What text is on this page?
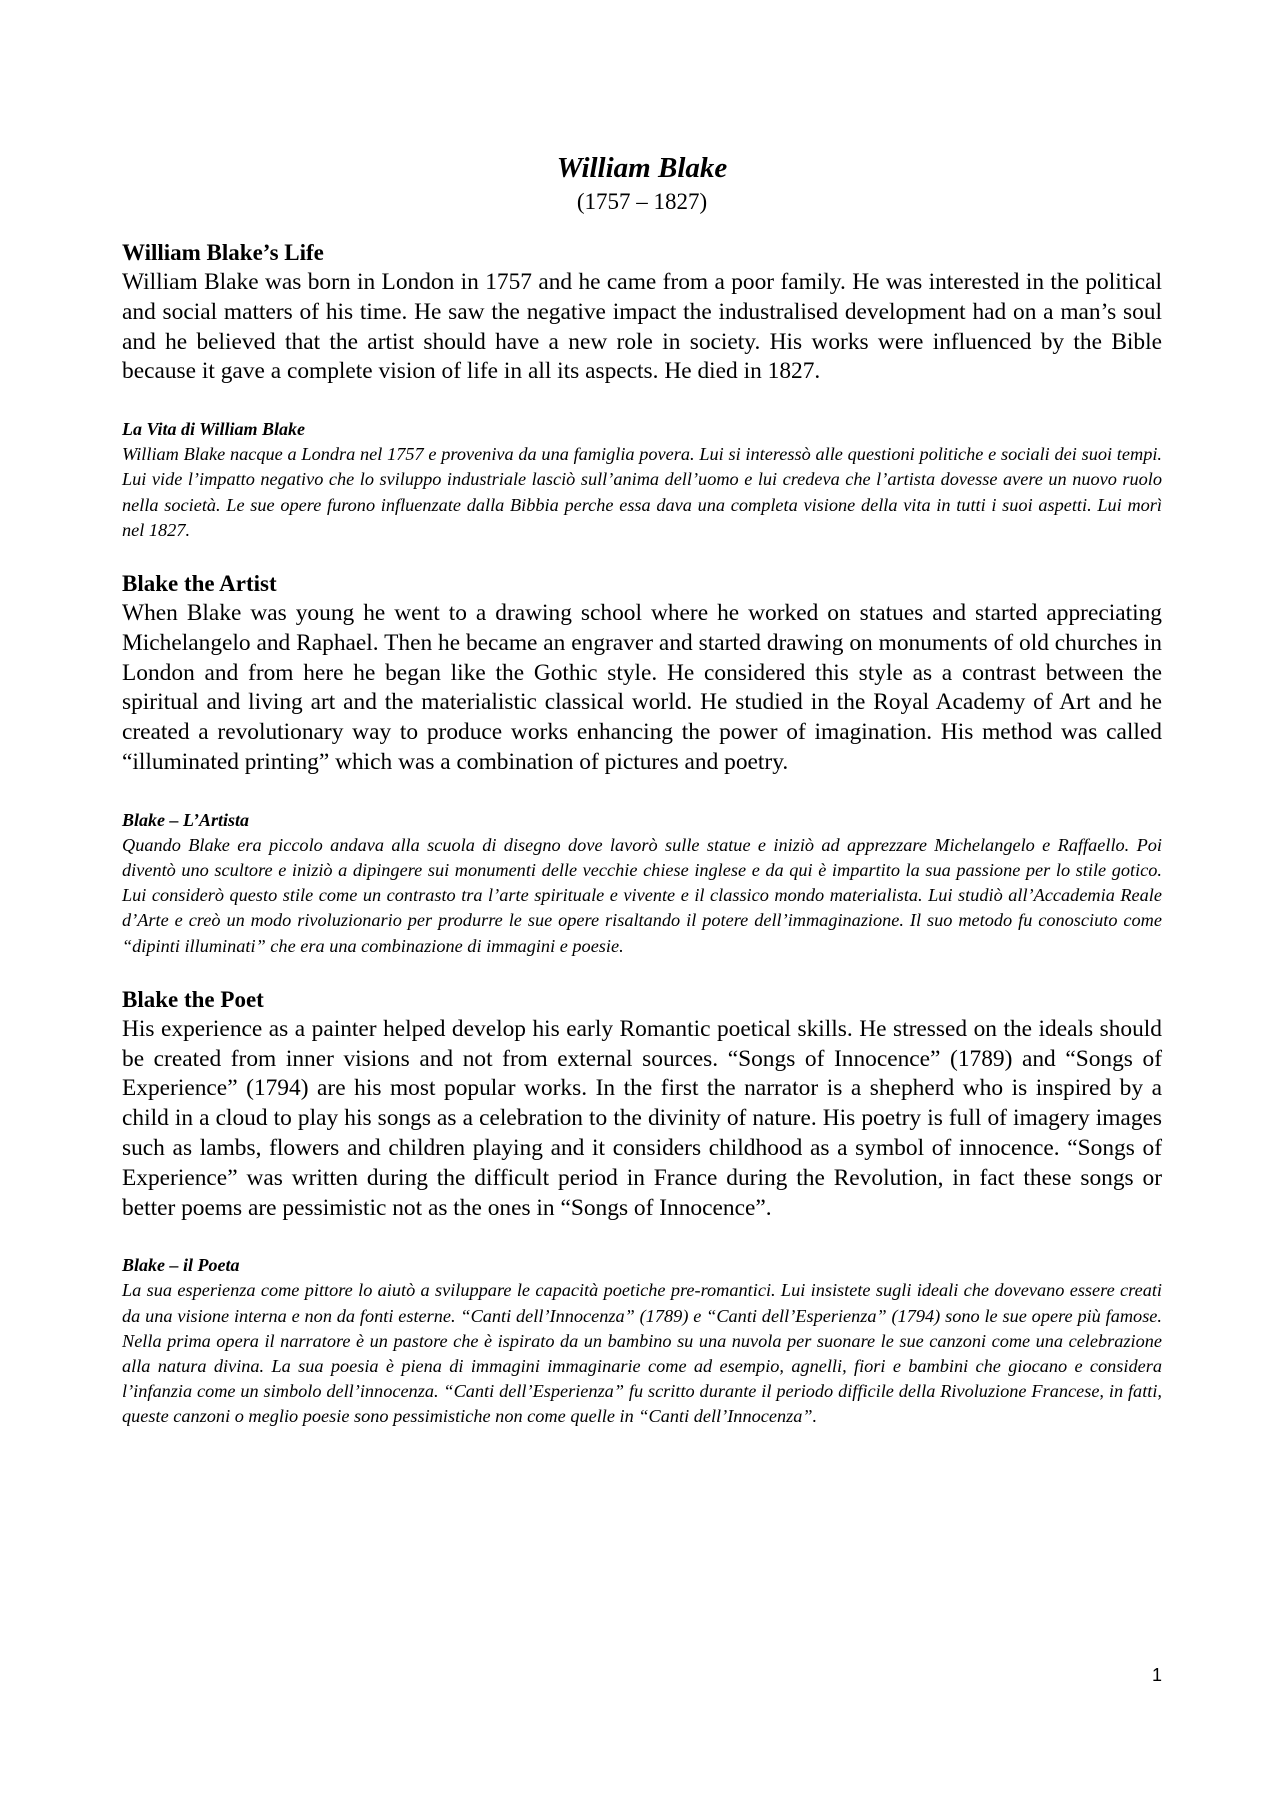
William Blake
(1757 – 1827)
William Blake’s Life

William Blake was born in London in 1757 and he came from a poor family. He was interested in the political and social matters of his time. He saw the negative impact the industralised development had on a man’s soul and he believed that the artist should have a new role in society. His works were influenced by the Bible because it gave a complete vision of life in all its aspects. He died in 1827.

La Vita di William Blake

William Blake nacque a Londra nel 1757 e proveniva da una famiglia povera. Lui si interessò alle questioni politiche e sociali dei suoi tempi. Lui vide l’impatto negativo che lo sviluppo industriale lasciò sull’anima dell’uomo e lui credeva che l’artista dovesse avere un nuovo ruolo nella società. Le sue opere furono influenzate dalla Bibbia perche essa dava una completa visione della vita in tutti i suoi aspetti. Lui morì nel 1827.

Blake the Artist

When Blake was young he went to a drawing school where he worked on statues and started appreciating Michelangelo and Raphael. Then he became an engraver and started drawing on monuments of old churches in London and from here he began like the Gothic style. He considered this style as a contrast between the spiritual and living art and the materialistic classical world. He studied in the Royal Academy of Art and he created a revolutionary way to produce works enhancing the power of imagination. His method was called “illuminated printing” which was a combination of pictures and poetry.

Blake – L’Artista

Quando Blake era piccolo andava alla scuola di disegno dove lavorò sulle statue e iniziò ad apprezzare Michelangelo e Raffaello. Poi diventò uno scultore e iniziò a dipingere sui monumenti delle vecchie chiese inglese e da qui è impartito la sua passione per lo stile gotico. Lui considerò questo stile come un contrasto tra l’arte spirituale e vivente e il classico mondo materialista. Lui studiò all’Accademia Reale d’Arte e creò un modo rivoluzionario per produrre le sue opere risaltando il potere dell’immaginazione. Il suo metodo fu conosciuto come “dipinti illuminati” che era una combinazione di immagini e poesie.

Blake the Poet

His experience as a painter helped develop his early Romantic poetical skills. He stressed on the ideals should be created from inner visions and not from external sources. “Songs of Innocence” (1789) and “Songs of Experience” (1794) are his most popular works. In the first the narrator is a shepherd who is inspired by a child in a cloud to play his songs as a celebration to the divinity of nature. His poetry is full of imagery images such as lambs, flowers and children playing and it considers childhood as a symbol of innocence. “Songs of Experience” was written during the difficult period in France during the Revolution, in fact these songs or better poems are pessimistic not as the ones in “Songs of Innocence”.

Blake – il Poeta

La sua esperienza come pittore lo aiutò a sviluppare le capacità poetiche pre-romantici. Lui insistete sugli ideali che dovevano essere creati da una visione interna e non da fonti esterne. “Canti dell’Innocenza” (1789) e “Canti dell’Esperienza” (1794) sono le sue opere più famose. Nella prima opera il narratore è un pastore che è ispirato da un bambino su una nuvola per suonare le sue canzoni come una celebrazione alla natura divina. La sua poesia è piena di immagini immaginarie come ad esempio, agnelli, fiori e bambini che giocano e considera l’infanzia come un simbolo dell’innocenza. “Canti dell’Esperienza” fu scritto durante il periodo difficile della Rivoluzione Francese, in fatti, queste canzoni o meglio poesie sono pessimistiche non come quelle in “Canti dell’Innocenza”.

1
